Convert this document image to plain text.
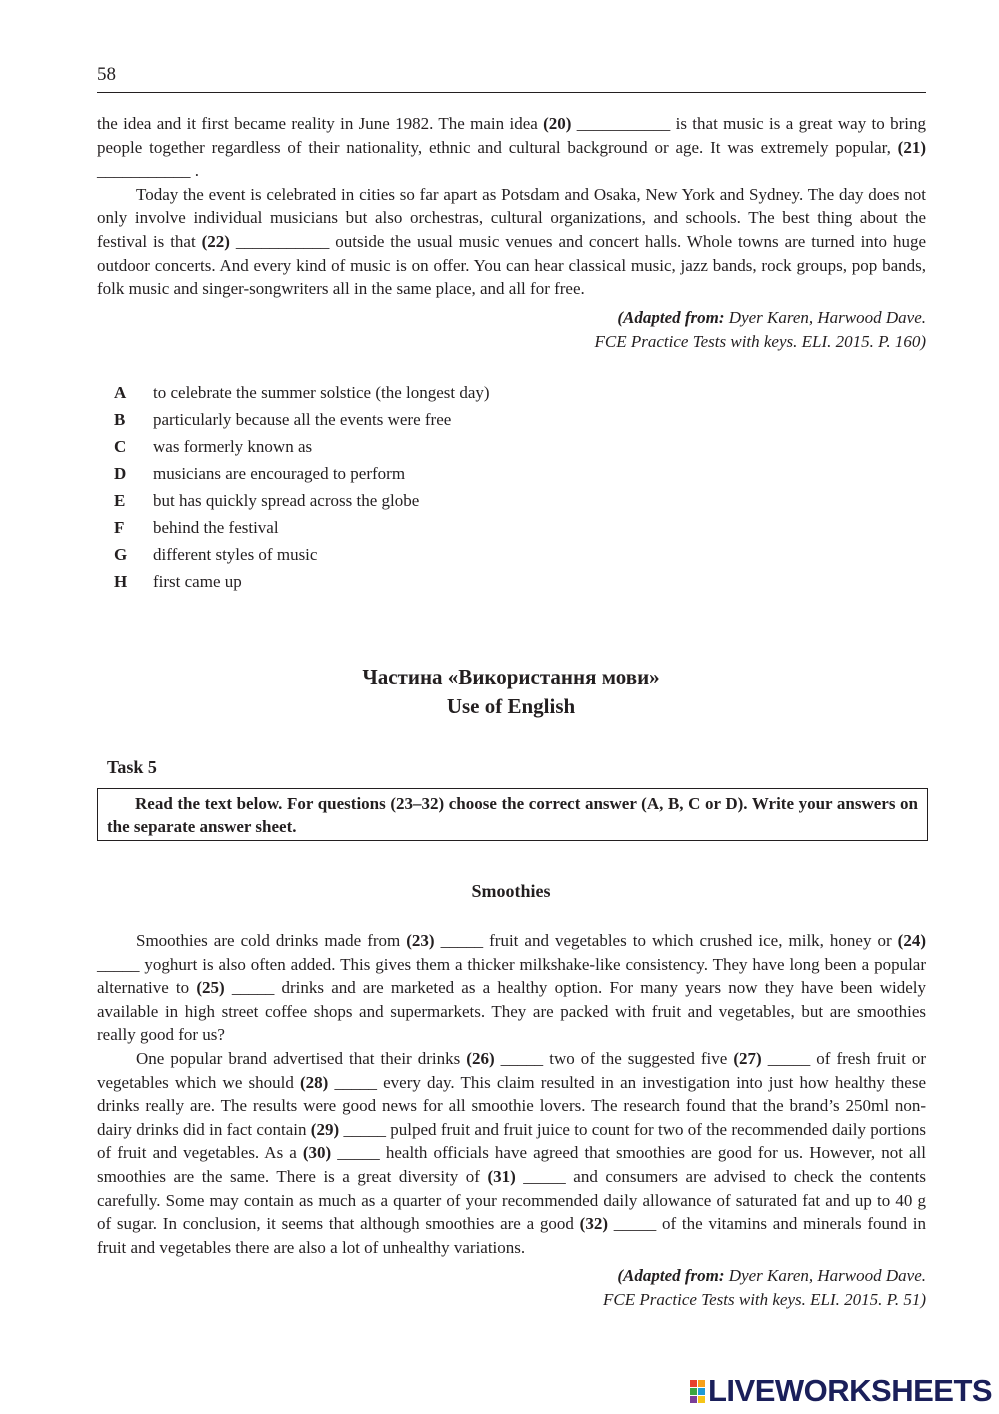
58

the idea and it first became reality in June 1982. The main idea (20) ___________ is that music is a great way to bring people together regardless of their nationality, ethnic and cultural background or age. It was extremely popular, (21) ___________ .

Today the event is celebrated in cities so far apart as Potsdam and Osaka, New York and Sydney. The day does not only involve individual musicians but also orchestras, cultural organizations, and schools. The best thing about the festival is that (22) ___________ outside the usual music venues and concert halls. Whole towns are turned into huge outdoor concerts. And every kind of music is on offer. You can hear classical music, jazz bands, rock groups, pop bands, folk music and singer-songwriters all in the same place, and all for free.

(Adapted from: Dyer Karen, Harwood Dave.
FCE Practice Tests with keys. ELI. 2015. P. 160)
A	to celebrate the summer solstice (the longest day)
B	particularly because all the events were free
C	was formerly known as
D	musicians are encouraged to perform
E	but has quickly spread across the globe
F	behind the festival
G	different styles of music
H	first came up
Частина «Використання мови»
Use of English
Task 5

Read the text below. For questions (23–32) choose the correct answer (A, B, C or D). Write your answers on the separate answer sheet.

Smoothies

Smoothies are cold drinks made from (23) _____ fruit and vegetables to which crushed ice, milk, honey or (24) _____ yoghurt is also often added. This gives them a thicker milkshake-like consistency. They have long been a popular alternative to (25) _____ drinks and are marketed as a healthy option. For many years now they have been widely available in high street coffee shops and supermarkets. They are packed with fruit and vegetables, but are smoothies really good for us?

One popular brand advertised that their drinks (26) _____ two of the suggested five (27) _____ of fresh fruit or vegetables which we should (28) _____ every day. This claim resulted in an investigation into just how healthy these drinks really are. The results were good news for all smoothie lovers. The research found that the brand’s 250ml non-dairy drinks did in fact contain (29) _____ pulped fruit and fruit juice to count for two of the recommended daily portions of fruit and vegetables. As a (30) _____ health officials have agreed that smoothies are good for us. However, not all smoothies are the same. There is a great diversity of (31) _____ and consumers are advised to check the contents carefully. Some may contain as much as a quarter of your recommended daily allowance of saturated fat and up to 40 g of sugar. In conclusion, it seems that although smoothies are a good (32) _____ of the vitamins and minerals found in fruit and vegetables there are also a lot of unhealthy variations.

(Adapted from: Dyer Karen, Harwood Dave.
FCE Practice Tests with keys. ELI. 2015. P. 51)
LIVEWORKSHEETS
